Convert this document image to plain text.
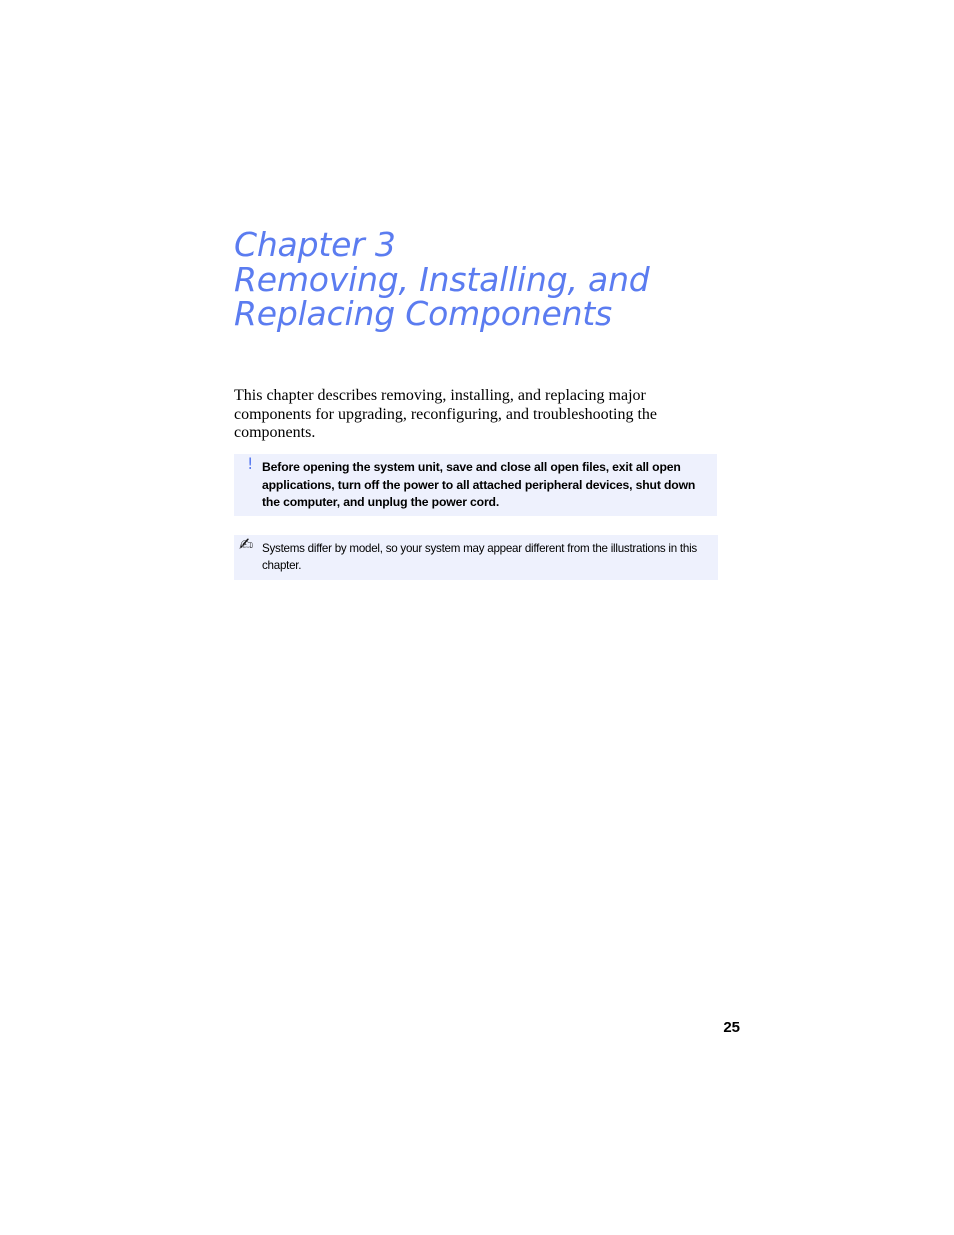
Chapter 3
Removing, Installing, and
Replacing Components

This chapter describes removing, installing, and replacing major components for upgrading, reconfiguring, and troubleshooting the components.

! Before opening the system unit, save and close all open files, exit all open applications, turn off the power to all attached peripheral devices, shut down the computer, and unplug the power cord.

✍ Systems differ by model, so your system may appear different from the illustrations in this chapter.

25
